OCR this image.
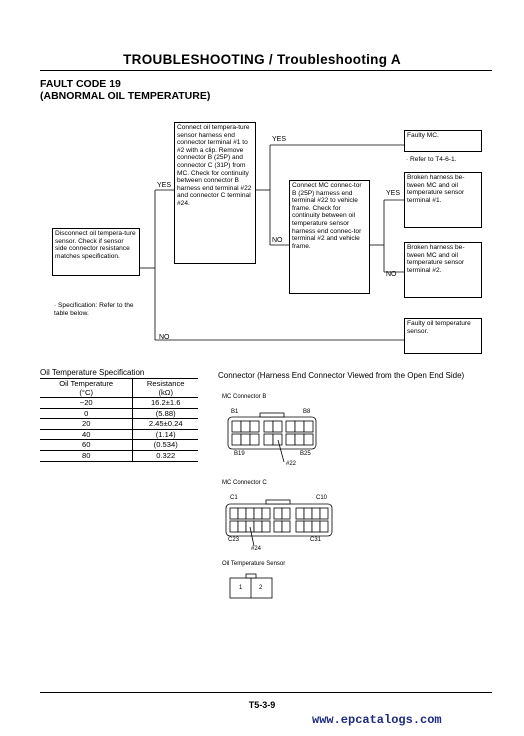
TROUBLESHOOTING / Troubleshooting A
FAULT CODE 19
(ABNORMAL OIL TEMPERATURE)
Disconnect oil tempera-ture sensor. Check if sensor side connector resistance matches specification.
· Specification: Refer to the table below.
Connect oil tempera-ture sensor harness end connector terminal #1 to #2 with a clip. Remove connector B (25P) and connector C (31P) from MC. Check for continuity between connector B harness end terminal #22 and connector C terminal #24.
Connect MC connec-tor B (25P) harness end terminal #22 to vehicle frame. Check for continuity between oil temperature sensor harness end connec-tor terminal #2 and vehicle frame.
Faulty MC.
· Refer to T4-6-1.
Broken harness be-tween MC and oil temperature sensor terminal #1.
Broken harness be-tween MC and oil temperature sensor terminal #2.
Faulty oil temperature sensor.
YES
NO
YES
NO
YES
NO
Oil Temperature Specification
Oil Temperature	Resistance
(°C)	(kΩ)
−20	16.2±1.6
0	(5.88)
20	2.45±0.24
40	(1.14)
60	(0.534)
80	0.322
Connector (Harness End Connector Viewed from the Open End Side)
MC Connector B
B1	B8
B19	B25
#22
MC Connector C
C1	C10
C23	C31
#24
Oil Temperature Sensor
1	2
T5-3-9
www.epcatalogs.com
